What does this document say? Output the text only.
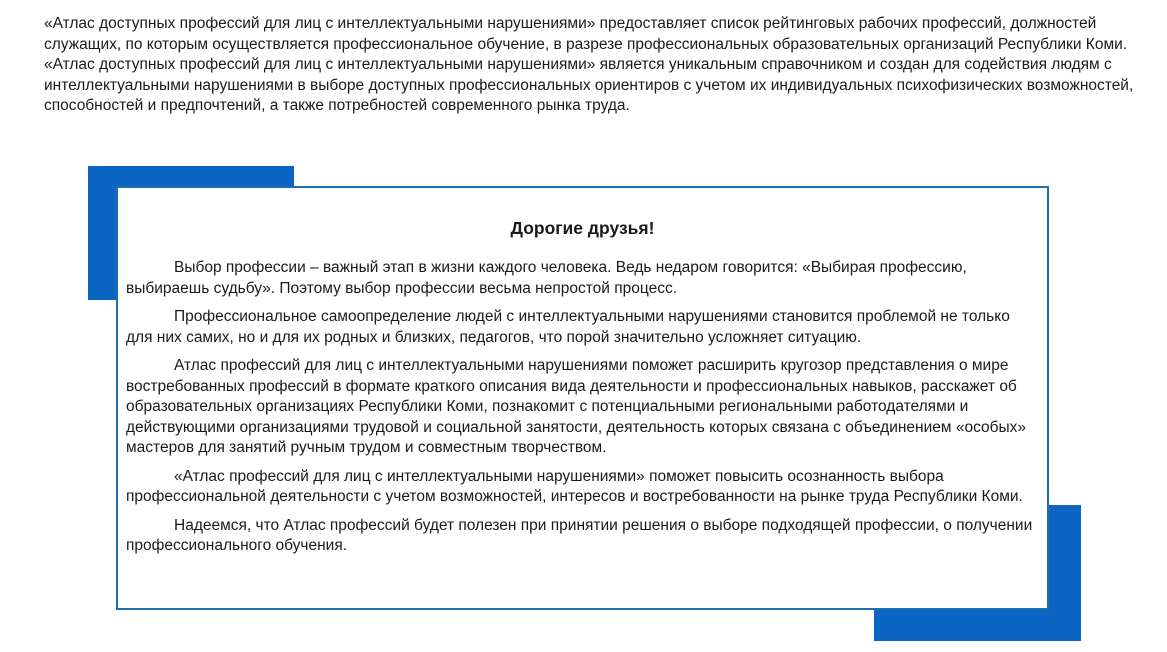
«Атлас доступных профессий для лиц с интеллектуальными нарушениями» предоставляет список рейтинговых рабочих профессий, должностей служащих, по которым осуществляется профессиональное обучение, в разрезе профессиональных образовательных организаций Республики Коми.

«Атлас доступных профессий для лиц с интеллектуальными нарушениями» является уникальным справочником и создан для содействия людям с интеллектуальными нарушениями в выборе доступных профессиональных ориентиров с учетом их индивидуальных психофизических возможностей, способностей и предпочтений, а также потребностей современного рынка труда.

Дорогие друзья!

Выбор профессии – важный этап в жизни каждого человека. Ведь недаром говорится: «Выбирая профессию, выбираешь судьбу». Поэтому выбор профессии весьма непростой процесс.

Профессиональное самоопределение людей с интеллектуальными нарушениями становится проблемой не только для них самих, но и для их родных и близких, педагогов, что порой значительно усложняет ситуацию.

Атлас профессий для лиц с интеллектуальными нарушениями поможет расширить кругозор представления о мире востребованных профессий в формате краткого описания вида деятельности и профессиональных навыков, расскажет об образовательных организациях Республики Коми, познакомит с потенциальными региональными работодателями и действующими организациями трудовой и социальной занятости, деятельность которых связана с объединением «особых» мастеров для занятий ручным трудом и совместным творчеством.

«Атлас профессий для лиц с интеллектуальными нарушениями» поможет повысить осознанность выбора профессиональной деятельности с учетом возможностей, интересов и востребованности на рынке труда Республики Коми.

Надеемся, что Атлас профессий будет полезен при принятии решения о выборе подходящей профессии, о получении профессионального обучения.
